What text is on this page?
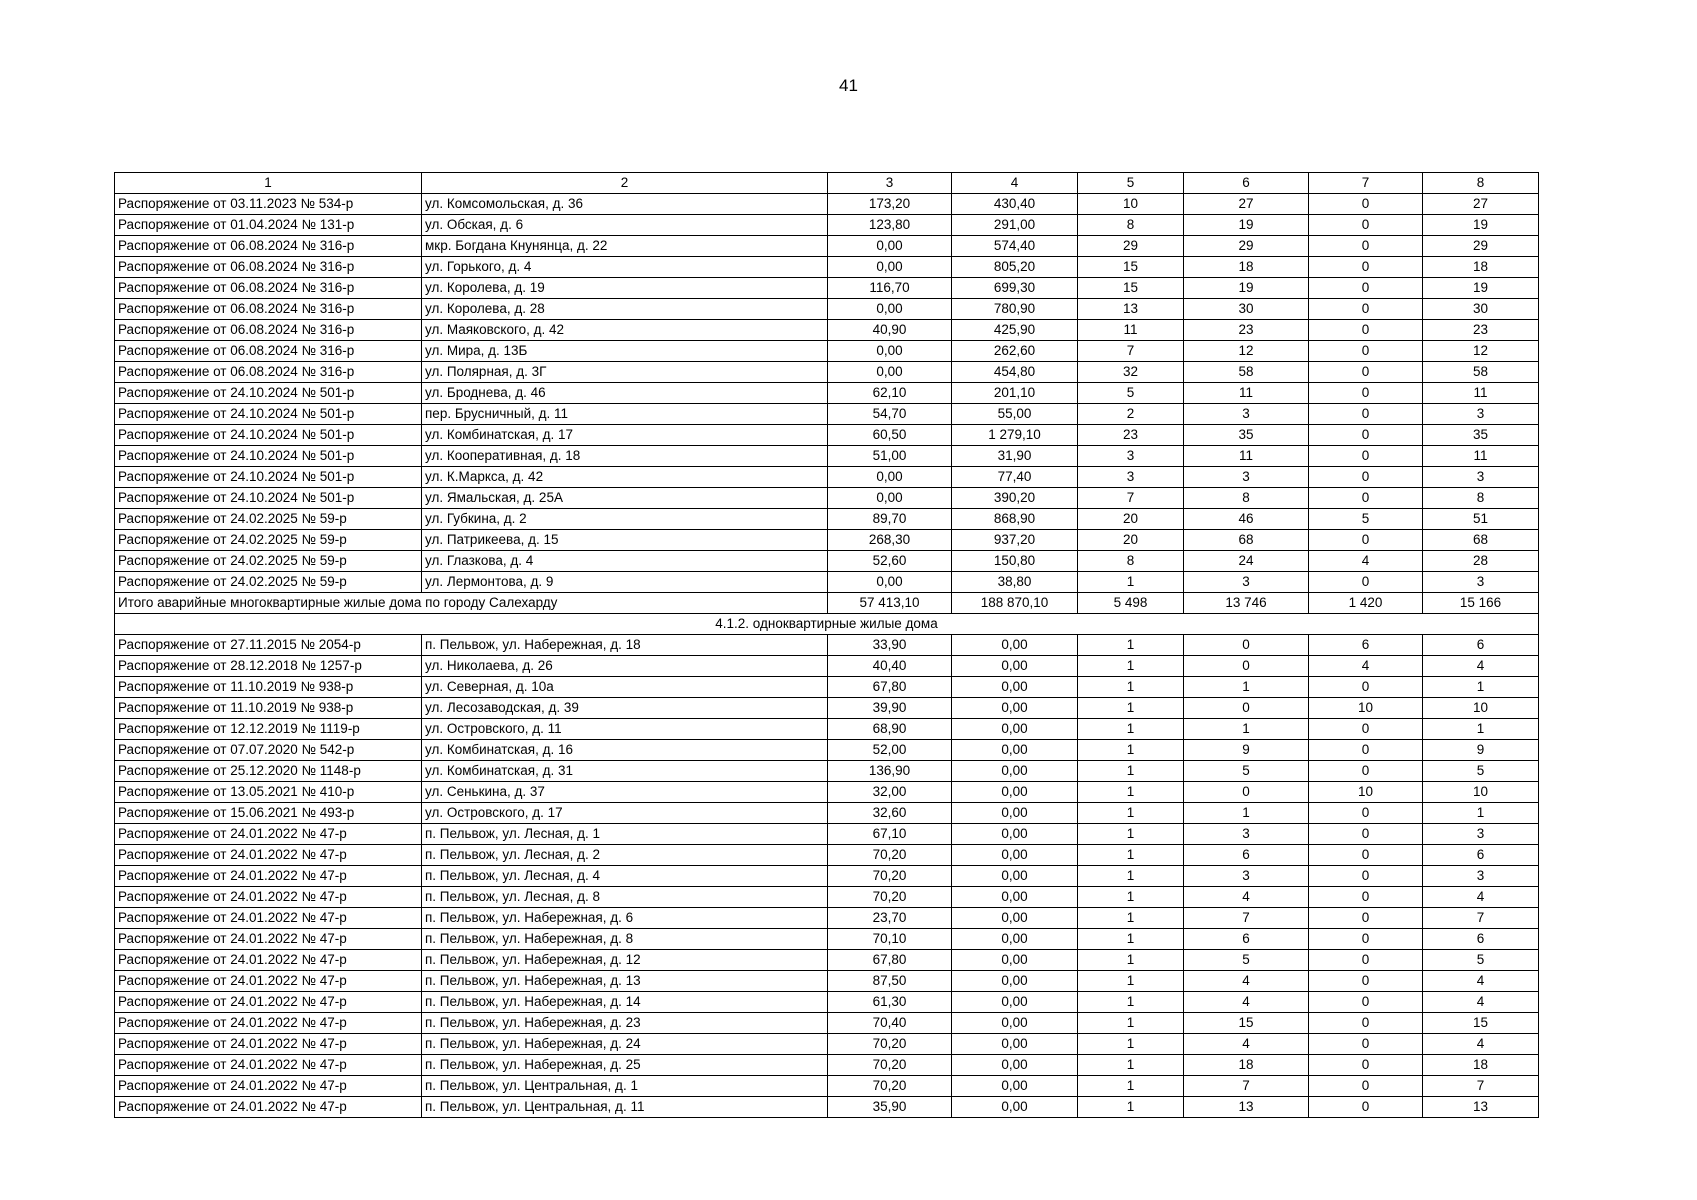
41
1	2	3	4	5	6	7	8
Распоряжение от 03.11.2023 № 534-р	ул. Комсомольская, д. 36	173,20	430,40	10	27	0	27
Распоряжение от 01.04.2024 № 131-р	ул. Обская, д. 6	123,80	291,00	8	19	0	19
Распоряжение от 06.08.2024 № 316-р	мкр. Богдана Кнунянца, д. 22	0,00	574,40	29	29	0	29
Распоряжение от 06.08.2024 № 316-р	ул. Горького, д. 4	0,00	805,20	15	18	0	18
Распоряжение от 06.08.2024 № 316-р	ул. Королева, д. 19	116,70	699,30	15	19	0	19
Распоряжение от 06.08.2024 № 316-р	ул. Королева, д. 28	0,00	780,90	13	30	0	30
Распоряжение от 06.08.2024 № 316-р	ул. Маяковского, д. 42	40,90	425,90	11	23	0	23
Распоряжение от 06.08.2024 № 316-р	ул. Мира, д. 13Б	0,00	262,60	7	12	0	12
Распоряжение от 06.08.2024 № 316-р	ул. Полярная, д. 3Г	0,00	454,80	32	58	0	58
Распоряжение от 24.10.2024 № 501-р	ул. Броднева, д. 46	62,10	201,10	5	11	0	11
Распоряжение от 24.10.2024 № 501-р	пер. Брусничный, д. 11	54,70	55,00	2	3	0	3
Распоряжение от 24.10.2024 № 501-р	ул. Комбинатская, д. 17	60,50	1 279,10	23	35	0	35
Распоряжение от 24.10.2024 № 501-р	ул. Кооперативная, д. 18	51,00	31,90	3	11	0	11
Распоряжение от 24.10.2024 № 501-р	ул. К.Маркса, д. 42	0,00	77,40	3	3	0	3
Распоряжение от 24.10.2024 № 501-р	ул. Ямальская, д. 25А	0,00	390,20	7	8	0	8
Распоряжение от 24.02.2025 № 59-р	ул. Губкина, д. 2	89,70	868,90	20	46	5	51
Распоряжение от 24.02.2025 № 59-р	ул. Патрикеева, д. 15	268,30	937,20	20	68	0	68
Распоряжение от 24.02.2025 № 59-р	ул. Глазкова, д. 4	52,60	150,80	8	24	4	28
Распоряжение от 24.02.2025 № 59-р	ул. Лермонтова, д. 9	0,00	38,80	1	3	0	3
Итого аварийные многоквартирные жилые дома по городу Салехарду		57 413,10	188 870,10	5 498	13 746	1 420	15 166
4.1.2. одноквартирные жилые дома							
Распоряжение от 27.11.2015 № 2054-р	п. Пельвож, ул. Набережная, д. 18	33,90	0,00	1	0	6	6
Распоряжение от 28.12.2018 № 1257-р	ул. Николаева, д. 26	40,40	0,00	1	0	4	4
Распоряжение от 11.10.2019 № 938-р	ул. Северная, д. 10а	67,80	0,00	1	1	0	1
Распоряжение от 11.10.2019 № 938-р	ул. Лесозаводская, д. 39	39,90	0,00	1	0	10	10
Распоряжение от 12.12.2019 № 1119-р	ул. Островского, д. 11	68,90	0,00	1	1	0	1
Распоряжение от 07.07.2020 № 542-р	ул. Комбинатская, д. 16	52,00	0,00	1	9	0	9
Распоряжение от 25.12.2020 № 1148-р	ул. Комбинатская, д. 31	136,90	0,00	1	5	0	5
Распоряжение от 13.05.2021 № 410-р	ул. Сенькина, д. 37	32,00	0,00	1	0	10	10
Распоряжение от 15.06.2021 № 493-р	ул. Островского, д. 17	32,60	0,00	1	1	0	1
Распоряжение от 24.01.2022 № 47-р	п. Пельвож, ул. Лесная, д. 1	67,10	0,00	1	3	0	3
Распоряжение от 24.01.2022 № 47-р	п. Пельвож, ул. Лесная, д. 2	70,20	0,00	1	6	0	6
Распоряжение от 24.01.2022 № 47-р	п. Пельвож, ул. Лесная, д. 4	70,20	0,00	1	3	0	3
Распоряжение от 24.01.2022 № 47-р	п. Пельвож, ул. Лесная, д. 8	70,20	0,00	1	4	0	4
Распоряжение от 24.01.2022 № 47-р	п. Пельвож, ул. Набережная, д. 6	23,70	0,00	1	7	0	7
Распоряжение от 24.01.2022 № 47-р	п. Пельвож, ул. Набережная, д. 8	70,10	0,00	1	6	0	6
Распоряжение от 24.01.2022 № 47-р	п. Пельвож, ул. Набережная, д. 12	67,80	0,00	1	5	0	5
Распоряжение от 24.01.2022 № 47-р	п. Пельвож, ул. Набережная, д. 13	87,50	0,00	1	4	0	4
Распоряжение от 24.01.2022 № 47-р	п. Пельвож, ул. Набережная, д. 14	61,30	0,00	1	4	0	4
Распоряжение от 24.01.2022 № 47-р	п. Пельвож, ул. Набережная, д. 23	70,40	0,00	1	15	0	15
Распоряжение от 24.01.2022 № 47-р	п. Пельвож, ул. Набережная, д. 24	70,20	0,00	1	4	0	4
Распоряжение от 24.01.2022 № 47-р	п. Пельвож, ул. Набережная, д. 25	70,20	0,00	1	18	0	18
Распоряжение от 24.01.2022 № 47-р	п. Пельвож, ул. Центральная, д. 1	70,20	0,00	1	7	0	7
Распоряжение от 24.01.2022 № 47-р	п. Пельвож, ул. Центральная, д. 11	35,90	0,00	1	13	0	13
